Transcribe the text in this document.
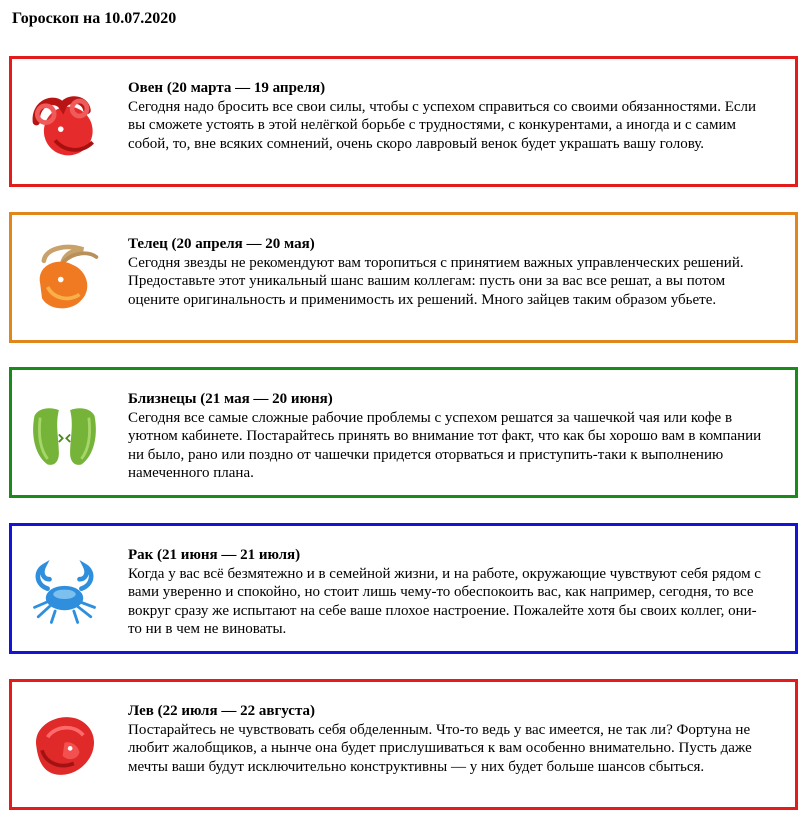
Гороскоп на 10.07.2020
Овен (20 марта — 19 апреля)
Сегодня надо бросить все свои силы, чтобы с успехом справиться со своими обязанностями. Если вы сможете устоять в этой нелёгкой борьбе с трудностями, с конкурентами, а иногда и с самим собой, то, вне всяких сомнений, очень скоро лавровый венок будет украшать вашу голову.
Телец (20 апреля — 20 мая)
Сегодня звезды не рекомендуют вам торопиться с принятием важных управленческих решений. Предоставьте этот уникальный шанс вашим коллегам: пусть они за вас все решат, а вы потом оцените оригинальность и применимость их решений. Много зайцев таким образом убьете.
Близнецы (21 мая — 20 июня)
Сегодня все самые сложные рабочие проблемы с успехом решатся за чашечкой чая или кофе в уютном кабинете. Постарайтесь принять во внимание тот факт, что как бы хорошо вам в компании ни было, рано или поздно от чашечки придется оторваться и приступить-таки к выполнению намеченного плана.
Рак (21 июня — 21 июля)
Когда у вас всё безмятежно и в семейной жизни, и на работе, окружающие чувствуют себя рядом с вами уверенно и спокойно, но стоит лишь чему-то обеспокоить вас, как например, сегодня, то все вокруг сразу же испытают на себе ваше плохое настроение. Пожалейте хотя бы своих коллег, они-то ни в чем не виноваты.
Лев (22 июля — 22 августа)
Постарайтесь не чувствовать себя обделенным. Что-то ведь у вас имеется, не так ли? Фортуна не любит жалобщиков, а нынче она будет прислушиваться к вам особенно внимательно. Пусть даже мечты ваши будут исключительно конструктивны — у них будет больше шансов сбыться.
